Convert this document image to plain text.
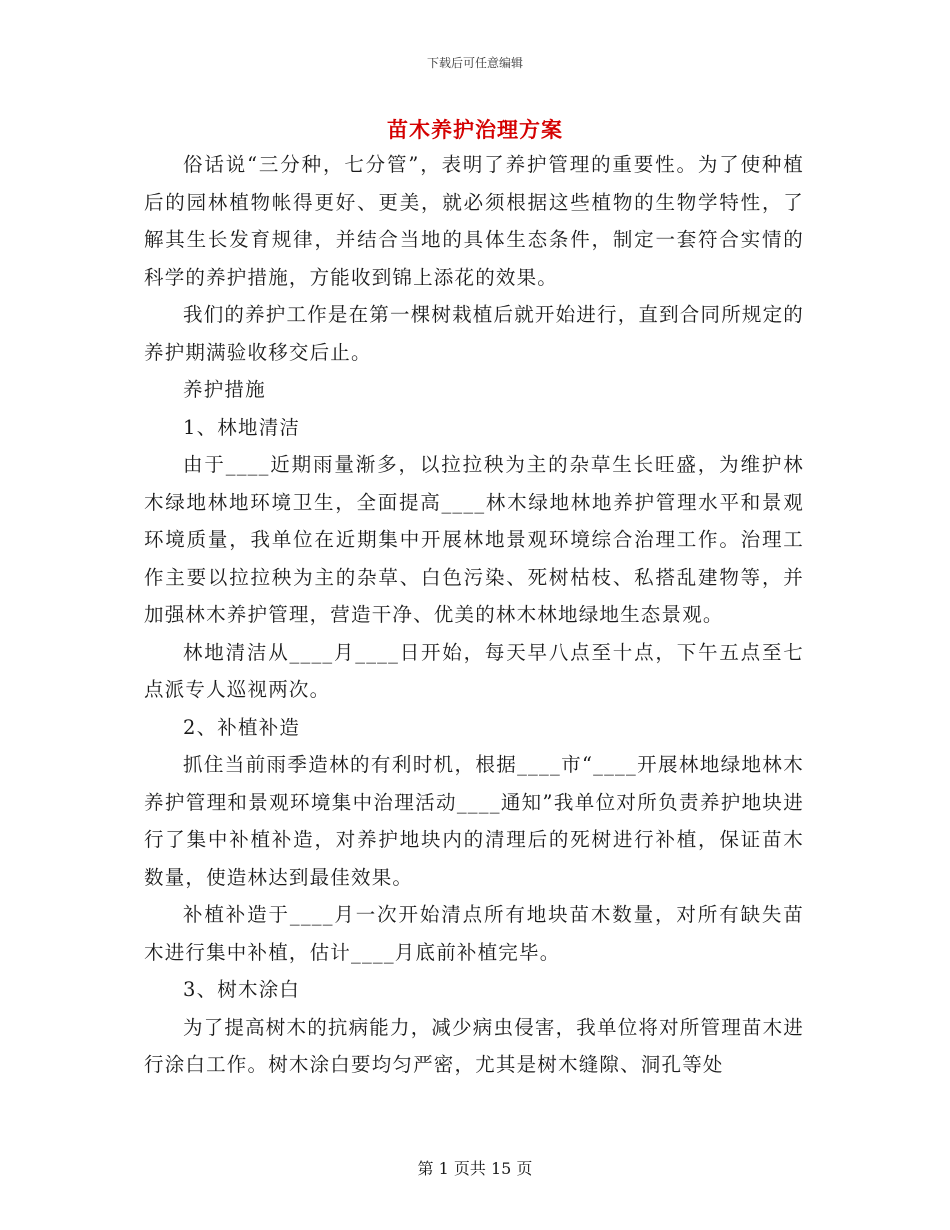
下载后可任意编辑
苗木养护治理方案

俗话说“三分种，七分管”，表明了养护管理的重要性。为了使种植后的园林植物帐得更好、更美，就必须根据这些植物的生物学特性，了解其生长发育规律，并结合当地的具体生态条件，制定一套符合实情的科学的养护措施，方能收到锦上添花的效果。

我们的养护工作是在第一棵树栽植后就开始进行，直到合同所规定的养护期满验收移交后止。

养护措施

1、林地清洁

由于____近期雨量渐多，以拉拉秧为主的杂草生长旺盛，为维护林木绿地林地环境卫生，全面提高____林木绿地林地养护管理水平和景观环境质量，我单位在近期集中开展林地景观环境综合治理工作。治理工作主要以拉拉秧为主的杂草、白色污染、死树枯枝、私搭乱建物等，并加强林木养护管理，营造干净、优美的林木林地绿地生态景观。

林地清洁从____月____日开始，每天早八点至十点，下午五点至七点派专人巡视两次。

2、补植补造

抓住当前雨季造林的有利时机，根据____市“____开展林地绿地林木养护管理和景观环境集中治理活动____通知”我单位对所负责养护地块进行了集中补植补造，对养护地块内的清理后的死树进行补植，保证苗木数量，使造林达到最佳效果。

补植补造于____月一次开始清点所有地块苗木数量，对所有缺失苗木进行集中补植，估计____月底前补植完毕。

3、树木涂白

为了提高树木的抗病能力，减少病虫侵害，我单位将对所管理苗木进行涂白工作。树木涂白要均匀严密，尤其是树木缝隙、洞孔等处

第 1 页共 15 页
